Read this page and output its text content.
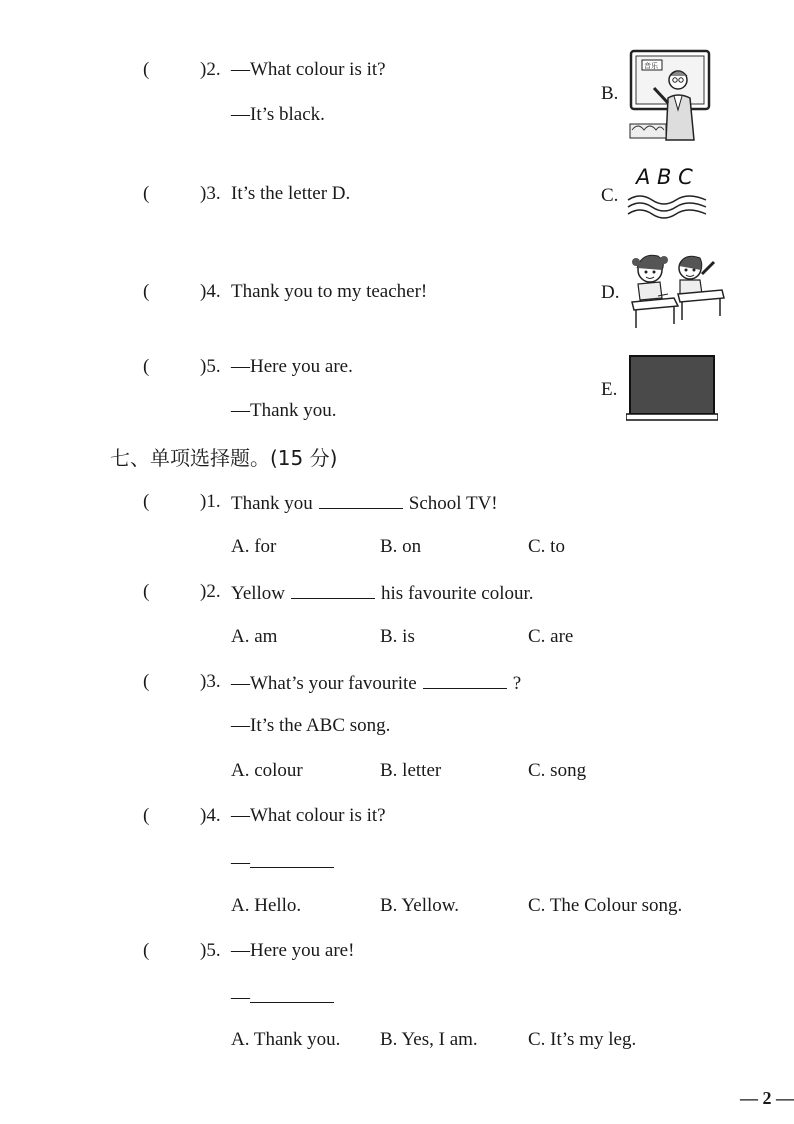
(	)2. —What colour is it?
—It’s black.
(	)3. It’s the letter D.
(	)4. Thank you to my teacher!
(	)5. —Here you are.
—Thank you.
B.
音乐
C.
A B C
D.
E.
七、单项选择题。(15 分)
(	)1. Thank you	School TV!
A. for	B. on	C. to
(	)2. Yellow	his favourite colour.
A. am	B. is	C. are
(	)3. —What’s your favourite	?
—It’s the ABC song.
A. colour	B. letter	C. song
(	)4. —What colour is it?
—
A. Hello.	B. Yellow.	C. The Colour song.
(	)5. —Here you are!
—
A. Thank you. B. Yes, I am.	C. It’s my leg.
— 2 —
